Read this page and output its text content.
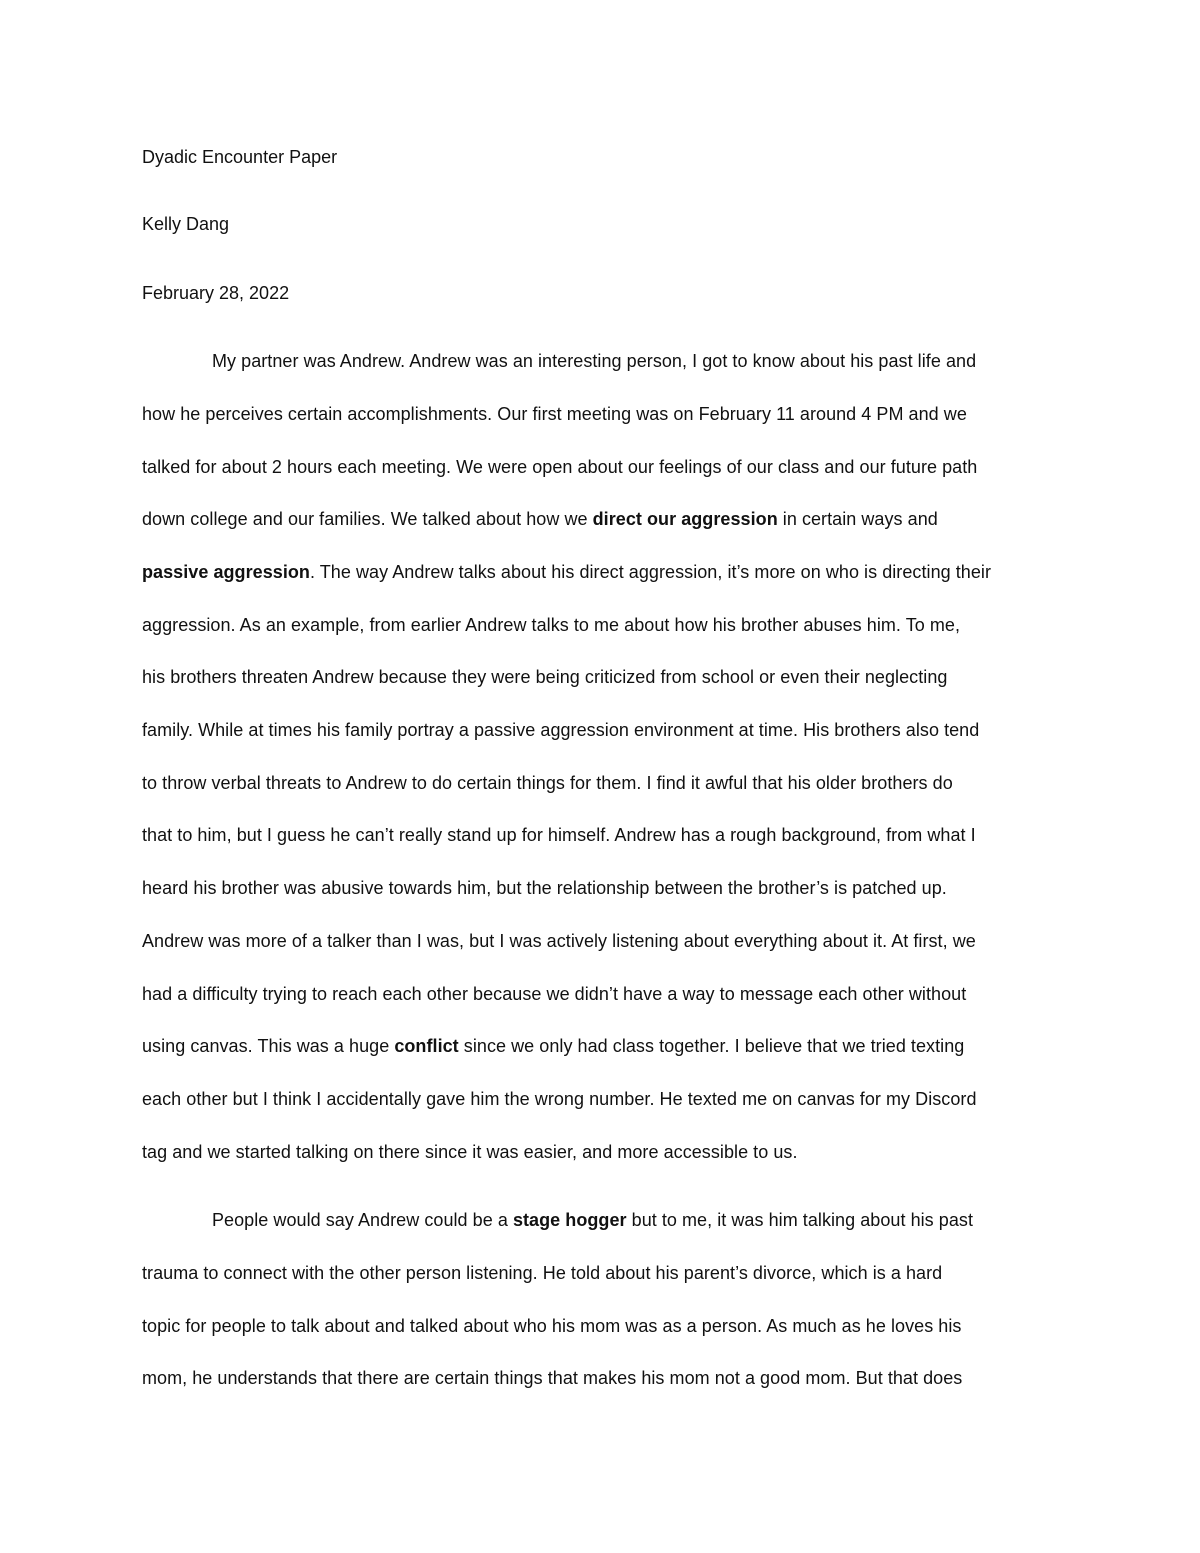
Dyadic Encounter Paper
Kelly Dang
February 28, 2022
My partner was Andrew. Andrew was an interesting person, I got to know about his past life and
how he perceives certain accomplishments. Our first meeting was on February 11 around 4 PM and we
talked for about 2 hours each meeting. We were open about our feelings of our class and our future path
down college and our families. We talked about how we direct our aggression in certain ways and
passive aggression. The way Andrew talks about his direct aggression, it’s more on who is directing their
aggression. As an example, from earlier Andrew talks to me about how his brother abuses him. To me,
his brothers threaten Andrew because they were being criticized from school or even their neglecting
family. While at times his family portray a passive aggression environment at time. His brothers also tend
to throw verbal threats to Andrew to do certain things for them. I find it awful that his older brothers do
that to him, but I guess he can’t really stand up for himself. Andrew has a rough background, from what I
heard his brother was abusive towards him, but the relationship between the brother’s is patched up.
Andrew was more of a talker than I was, but I was actively listening about everything about it. At first, we
had a difficulty trying to reach each other because we didn’t have a way to message each other without
using canvas. This was a huge conflict since we only had class together. I believe that we tried texting
each other but I think I accidentally gave him the wrong number. He texted me on canvas for my Discord
tag and we started talking on there since it was easier, and more accessible to us.
People would say Andrew could be a stage hogger but to me, it was him talking about his past
trauma to connect with the other person listening. He told about his parent’s divorce, which is a hard
topic for people to talk about and talked about who his mom was as a person. As much as he loves his
mom, he understands that there are certain things that makes his mom not a good mom. But that does
